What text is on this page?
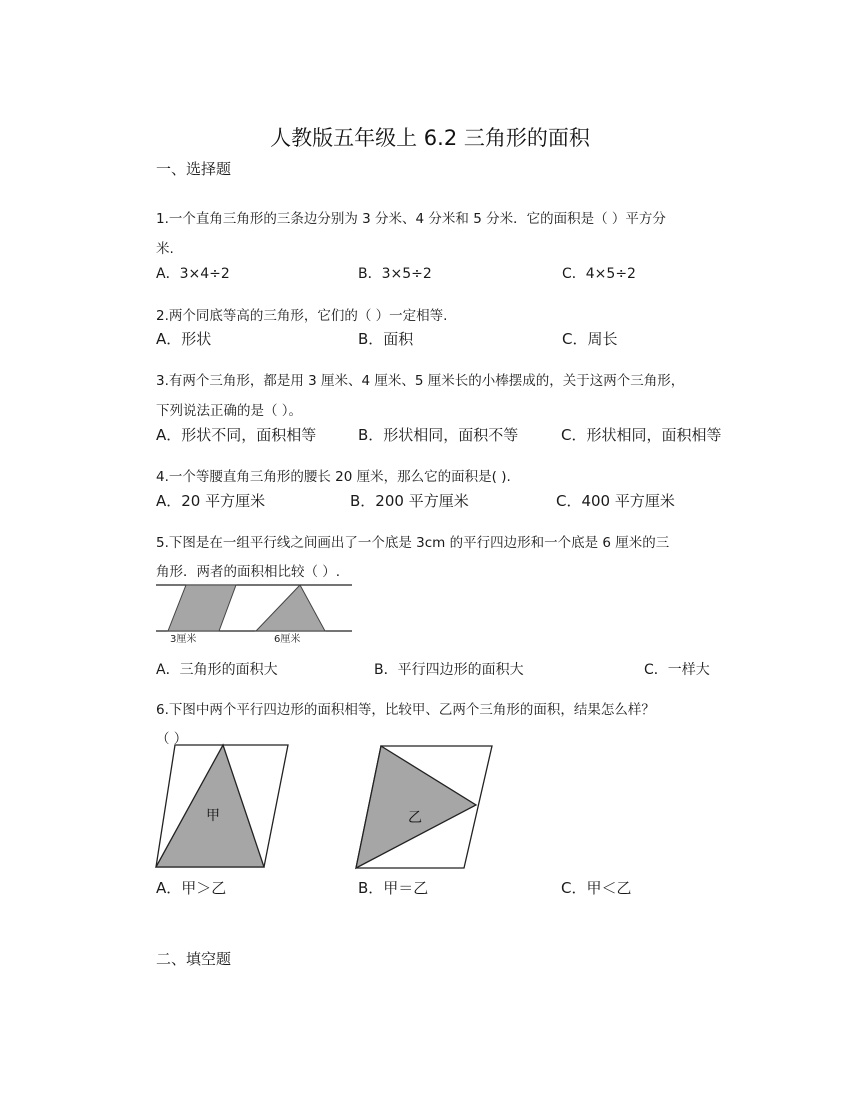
人教版五年级上 6.2 三角形的面积
一、选择题
1.一个直角三角形的三条边分别为 3 分米、4 分米和 5 分米．它的面积是（ ）平方分
米.
A．3×4÷2	B．3×5÷2	C．4×5÷2
2.两个同底等高的三角形，它们的（ ）一定相等.
A．形状	B．面积	C．周长
3.有两个三角形，都是用 3 厘米、4 厘米、5 厘米长的小棒摆成的，关于这两个三角形，
下列说法正确的是（ ）。
A．形状不同，面积相等	B．形状相同，面积不等	C．形状相同，面积相等
4.一个等腰直角三角形的腰长 20 厘米，那么它的面积是( ).
A．20 平方厘米	B．200 平方厘米	C．400 平方厘米
5.下图是在一组平行线之间画出了一个底是 3cm 的平行四边形和一个底是 6 厘米的三
角形．两者的面积相比较（ ）.
3厘米	6厘米
A．三角形的面积大	B．平行四边形的面积大	C．一样大
6.下图中两个平行四边形的面积相等，比较甲、乙两个三角形的面积，结果怎么样？
（ ）
甲	乙
A．甲＞乙	B．甲＝乙	C．甲＜乙
二、填空题
